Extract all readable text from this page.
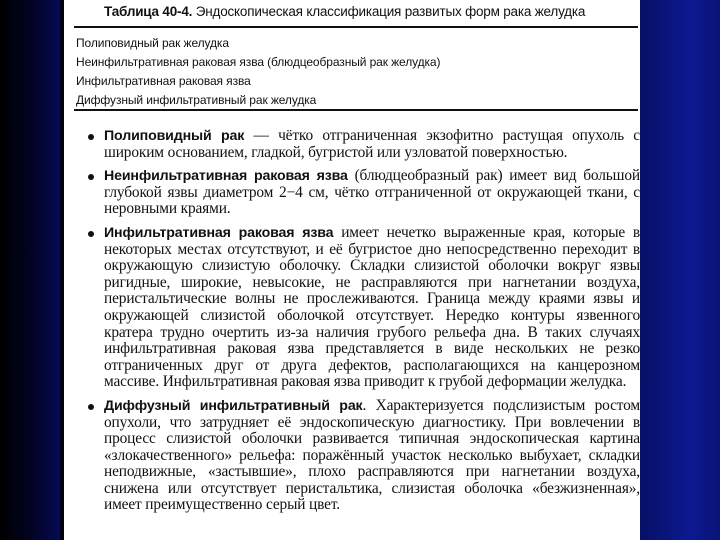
Таблица 40-4. Эндоскопическая классификация развитых форм рака желудка
Полиповидный рак желудка
Неинфильтративная раковая язва (блюдцеобразный рак желудка)
Инфильтративная раковая язва
Диффузный инфильтративный рак желудка
Полиповидный рак — чётко отграниченная экзофитно растущая опухоль с широким основанием, гладкой, бугристой или узловатой поверхностью.
Неинфильтративная раковая язва (блюдцеобразный рак) имеет вид большой глубокой язвы диаметром 2−4 см, чётко отграниченной от окружающей ткани, с неровными краями.
Инфильтративная раковая язва имеет нечетко выраженные края, которые в некоторых местах отсутствуют, и её бугристое дно непосредственно переходит в окружающую слизистую оболочку. Складки слизистой оболочки вокруг язвы ригидные, широкие, невысокие, не расправляются при нагнетании воздуха, перистальтические волны не прослеживаются. Граница между краями язвы и окружающей слизистой оболочкой отсутствует. Нередко контуры язвенного кратера трудно очертить из-за наличия грубого рельефа дна. В таких случаях инфильтративная раковая язва представляется в виде нескольких не резко отграниченных друг от друга дефектов, располагающихся на канцерозном массиве. Инфильтративная раковая язва приводит к грубой деформации желудка.
Диффузный инфильтративный рак. Характеризуется подслизистым ростом опухоли, что затрудняет её эндоскопическую диагностику. При вовлечении в процесс слизистой оболочки развивается типичная эндоскопическая картина «злокачественного» рельефа: поражённый участок несколько выбухает, складки неподвижные, «застывшие», плохо расправляются при нагнетании воздуха, снижена или отсутствует перистальтика, слизистая оболочка «безжизненная», имеет преимущественно серый цвет.
